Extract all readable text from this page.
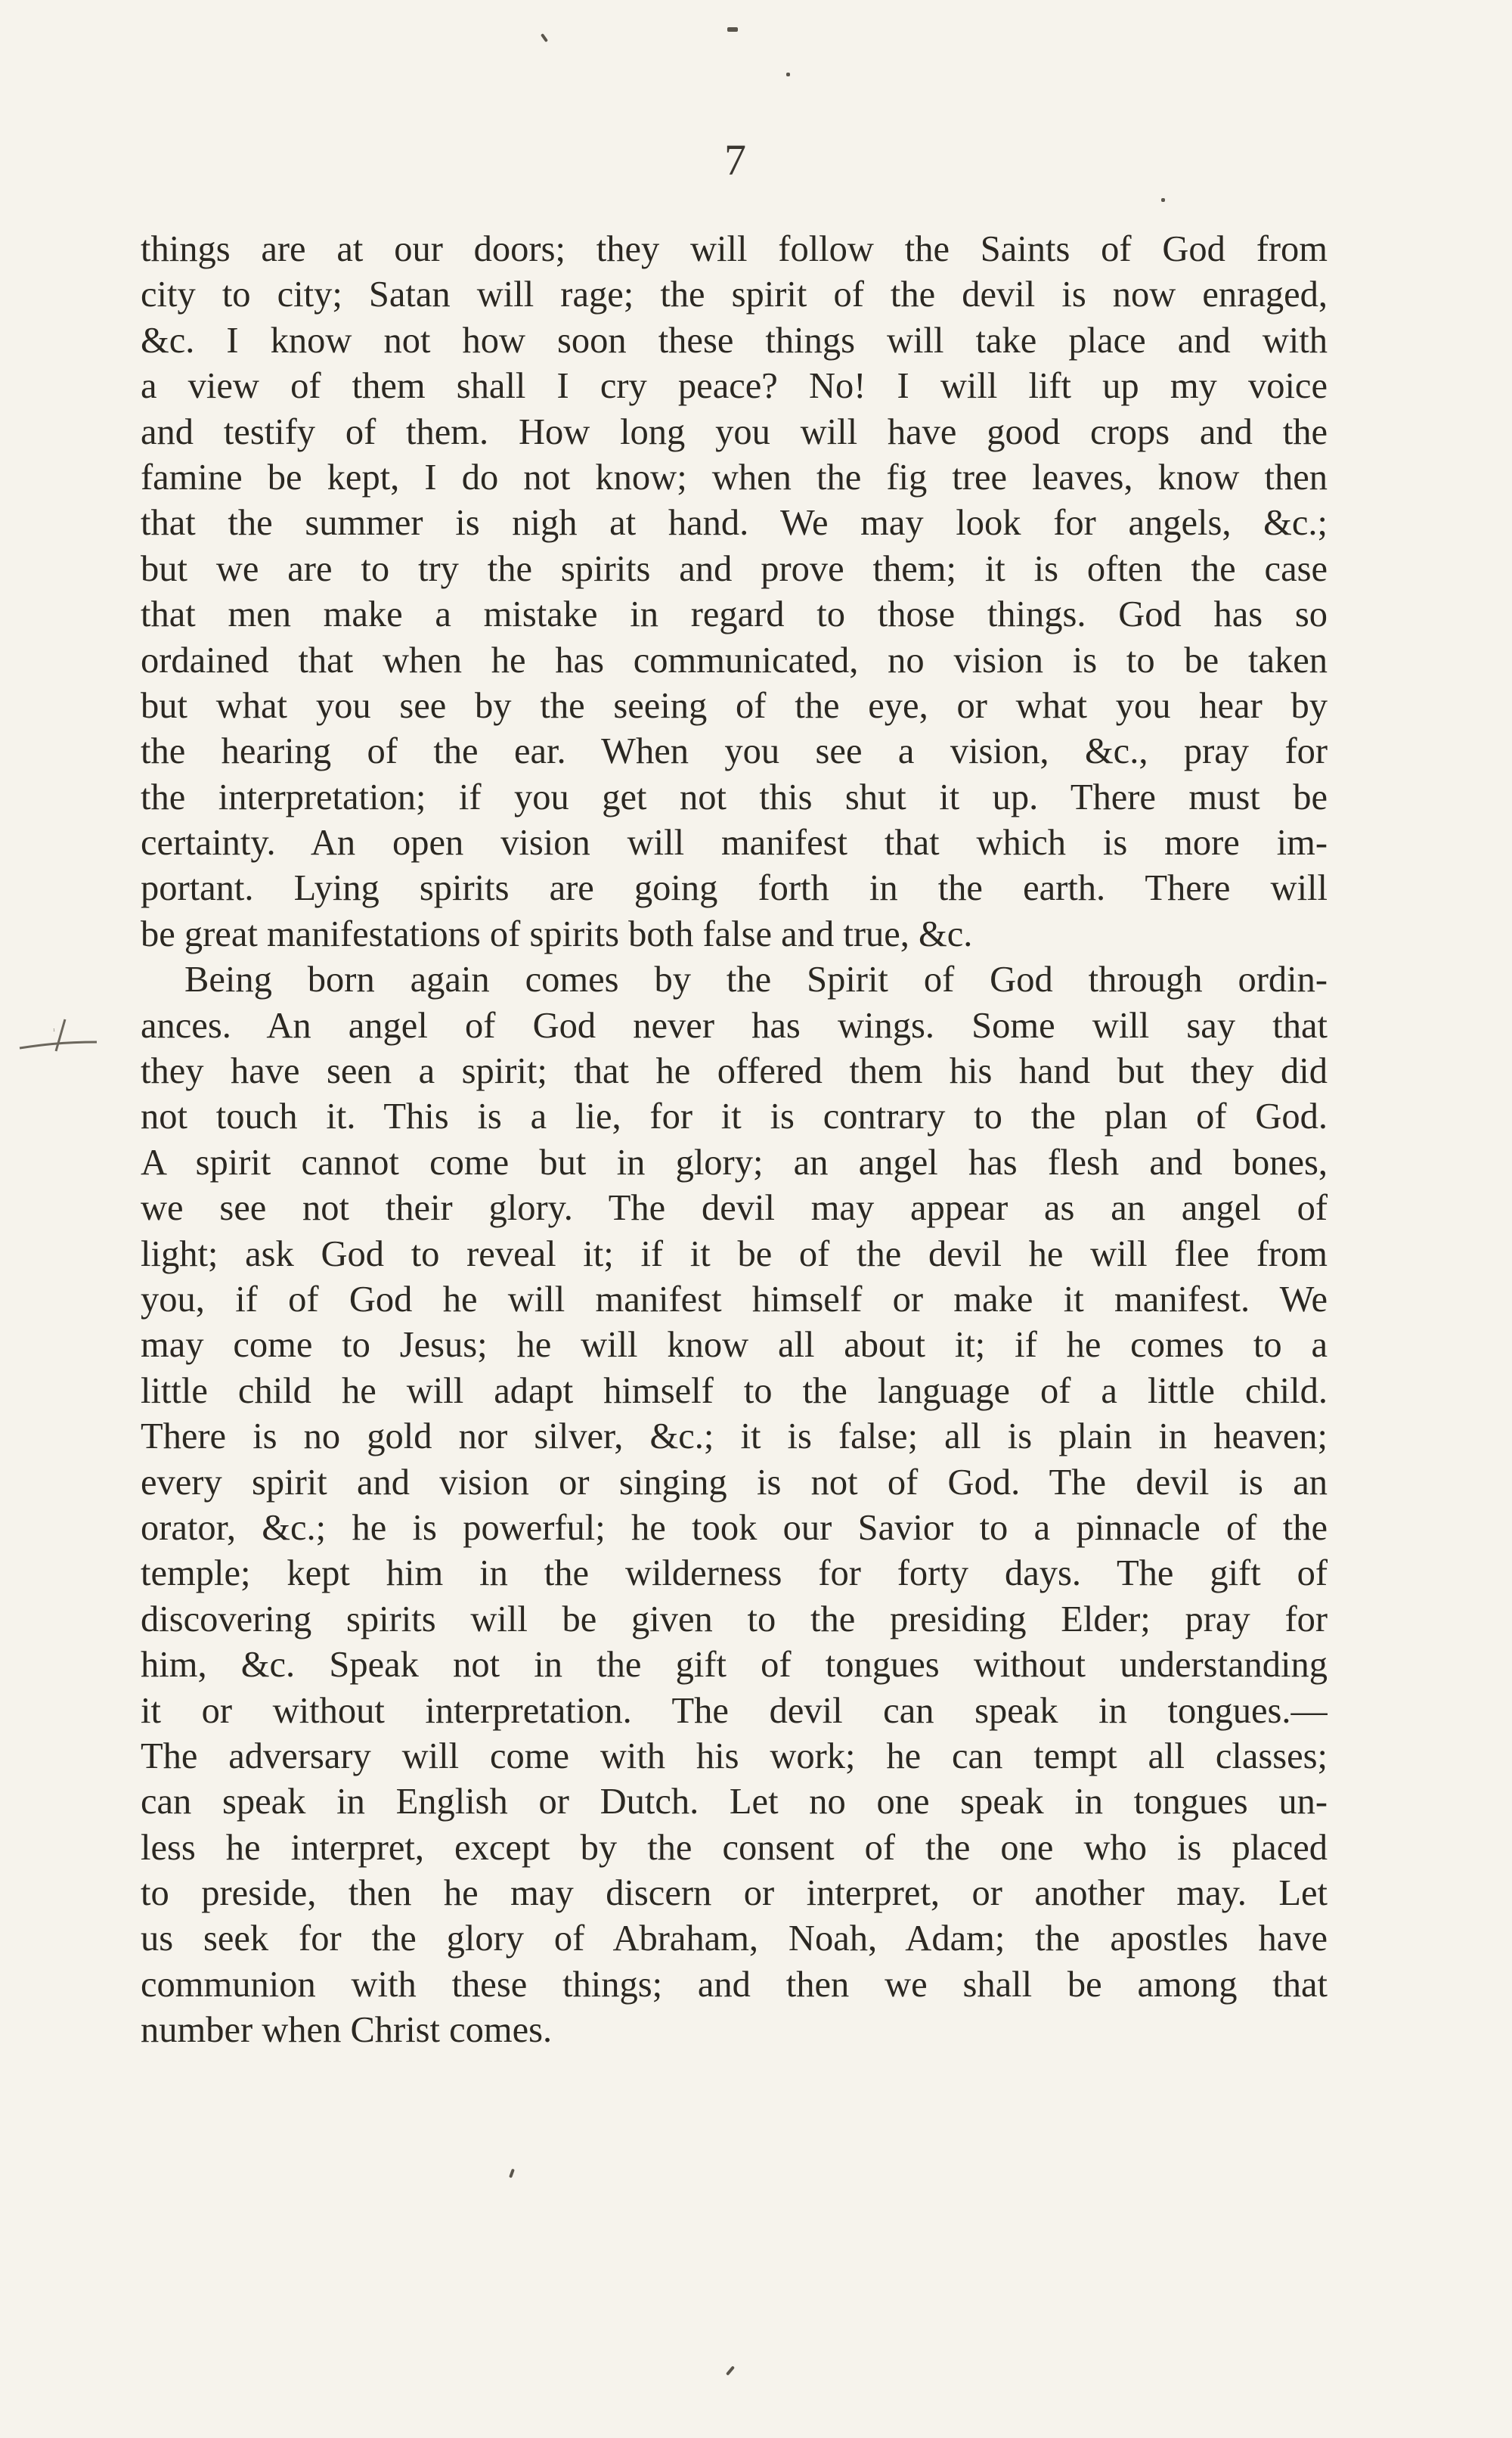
7
1
things are at our doors; they will follow the Saints of God from
city to city; Satan will rage; the spirit of the devil is now enraged,
&c. I know not how soon these things will take place and with
a view of them shall I cry peace? No! I will lift up my voice
and testify of them. How long you will have good crops and the
famine be kept, I do not know; when the fig tree leaves, know then
that the summer is nigh at hand. We may look for angels, &c.;
but we are to try the spirits and prove them; it is often the case
that men make a mistake in regard to those things. God has so
ordained that when he has communicated, no vision is to be taken
but what you see by the seeing of the eye, or what you hear by
the hearing of the ear. When you see a vision, &c., pray for
the interpretation; if you get not this shut it up. There must be
certainty. An open vision will manifest that which is more im-
portant. Lying spirits are going forth in the earth. There will
be great manifestations of spirits both false and true, &c.
Being born again comes by the Spirit of God through ordin-
ances. An angel of God never has wings. Some will say that
they have seen a spirit; that he offered them his hand but they did
not touch it. This is a lie, for it is contrary to the plan of God.
A spirit cannot come but in glory; an angel has flesh and bones,
we see not their glory. The devil may appear as an angel of
light; ask God to reveal it; if it be of the devil he will flee from
you, if of God he will manifest himself or make it manifest. We
may come to Jesus; he will know all about it; if he comes to a
little child he will adapt himself to the language of a little child.
There is no gold nor silver, &c.; it is false; all is plain in heaven;
every spirit and vision or singing is not of God. The devil is an
orator, &c.; he is powerful; he took our Savior to a pinnacle of the
temple; kept him in the wilderness for forty days. The gift of
discovering spirits will be given to the presiding Elder; pray for
him, &c. Speak not in the gift of tongues without understanding
it or without interpretation. The devil can speak in tongues.—
The adversary will come with his work; he can tempt all classes;
can speak in English or Dutch. Let no one speak in tongues un-
less he interpret, except by the consent of the one who is placed
to preside, then he may discern or interpret, or another may. Let
us seek for the glory of Abraham, Noah, Adam; the apostles have
communion with these things; and then we shall be among that
number when Christ comes.
